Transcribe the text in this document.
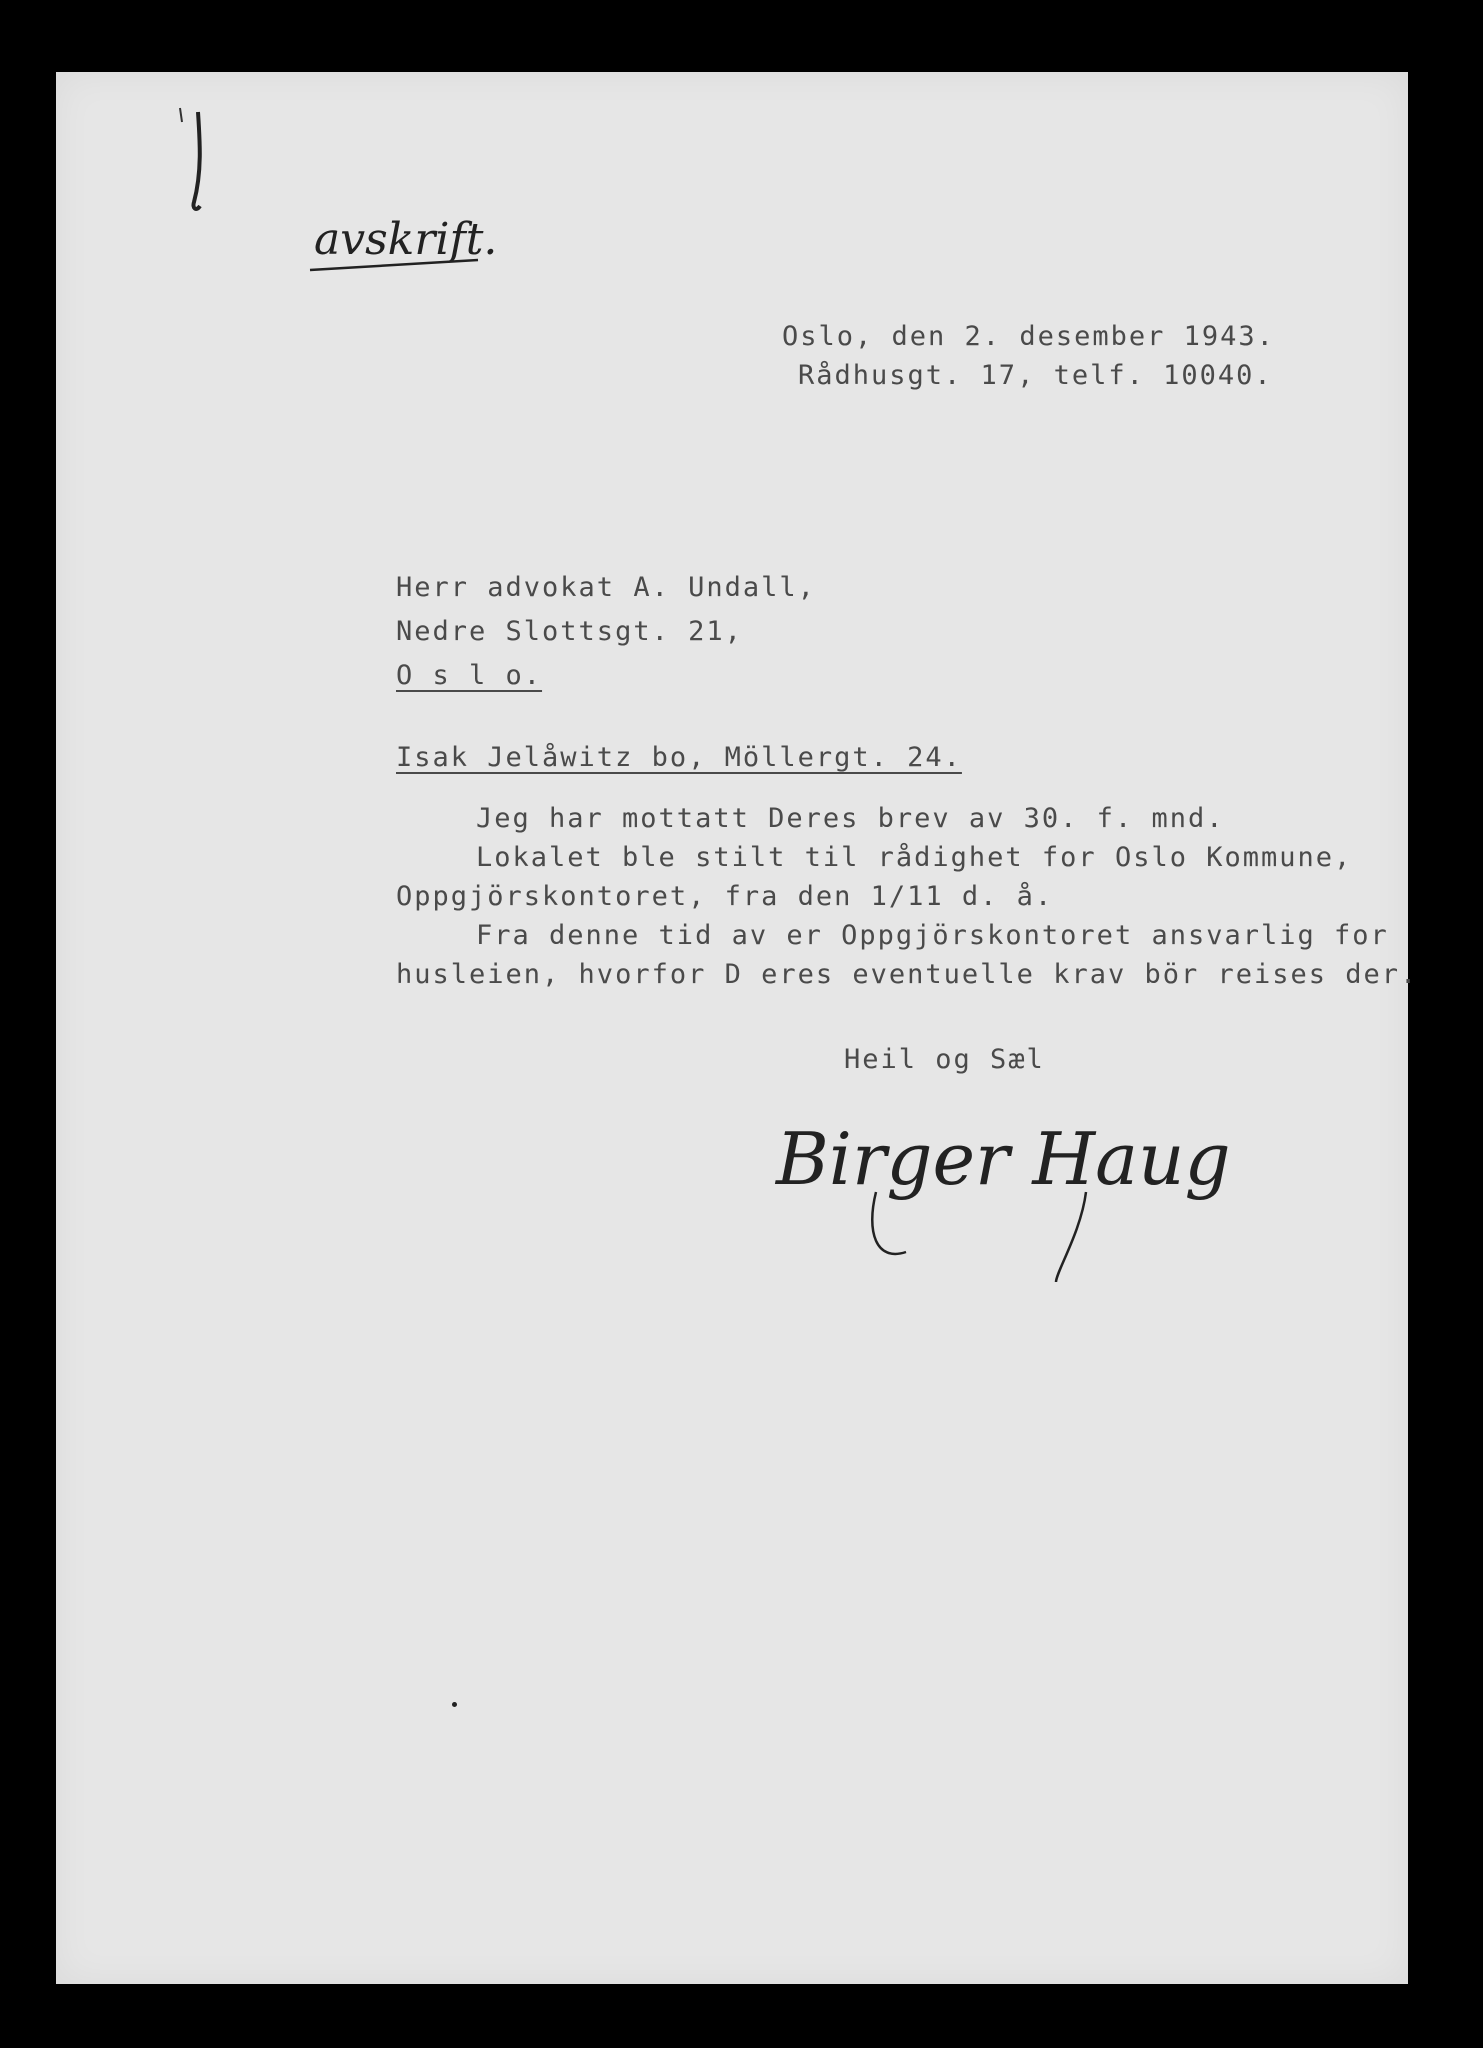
avskrift.
Oslo, den 2. desember 1943.
Rådhusgt. 17, telf. 10040.
Herr advokat A. Undall,
Nedre Slottsgt. 21,
O s l o.
Isak Jelåwitz bo, Möllergt. 24.
Jeg har mottatt Deres brev av 30. f. mnd.
Lokalet ble stilt til rådighet for Oslo Kommune,
Oppgjörskontoret, fra den 1/11 d. å.
Fra denne tid av er Oppgjörskontoret ansvarlig for
husleien, hvorfor D eres eventuelle krav bör reises der.
Heil og Sæl
Birger Haug
